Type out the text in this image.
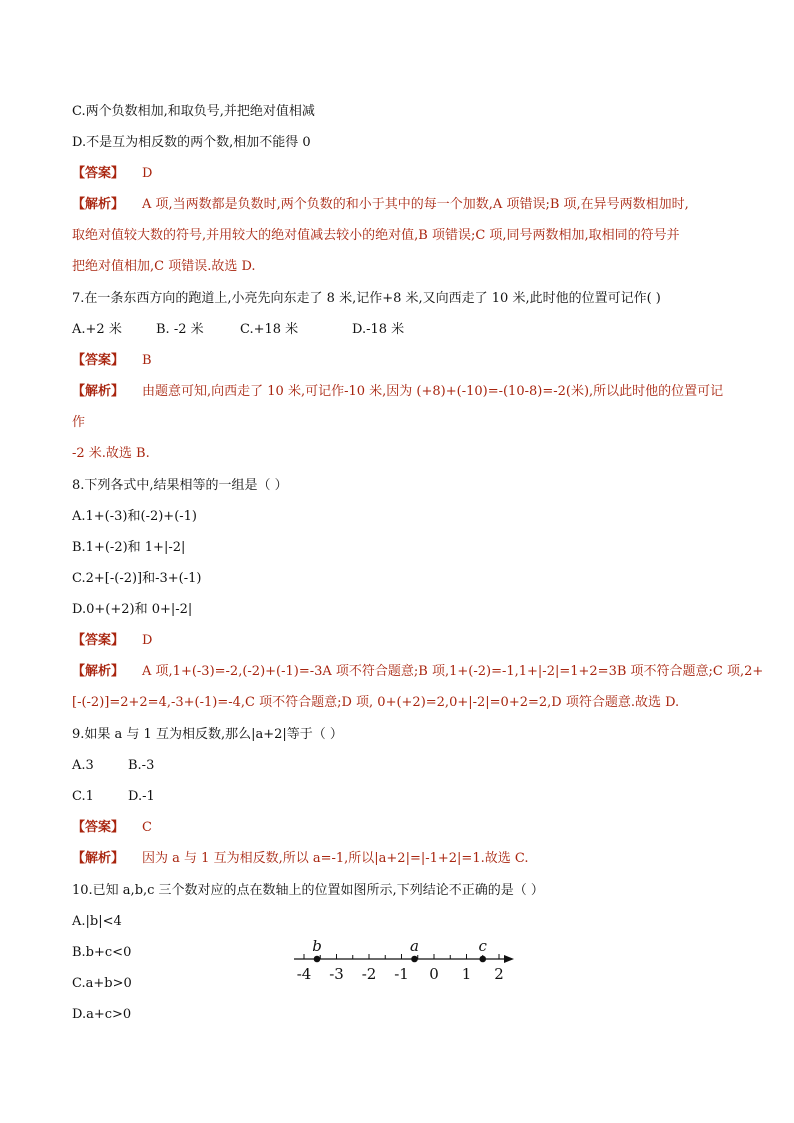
C.两个负数相加,和取负号,并把绝对值相减
D.不是互为相反数的两个数,相加不能得 0
【答案】 D
【解析】 A 项,当两数都是负数时,两个负数的和小于其中的每一个加数,A 项错误;B 项,在异号两数相加时,
取绝对值较大数的符号,并用较大的绝对值减去较小的绝对值,B 项错误;C 项,同号两数相加,取相同的符号并
把绝对值相加,C 项错误.故选 D.
7.在一条东西方向的跑道上,小亮先向东走了 8 米,记作+8 米,又向西走了 10 米,此时他的位置可记作( )
A.+2 米	B. -2 米	C.+18 米	D.-18 米
【答案】 B
【解析】 由题意可知,向西走了 10 米,可记作-10 米,因为 (+8)+(-10)=-(10-8)=-2(米),所以此时他的位置可记
作
-2 米.故选 B.
8.下列各式中,结果相等的一组是（ ）
A.1+(-3)和(-2)+(-1)
B.1+(-2)和 1+|-2|
C.2+[-(-2)]和-3+(-1)
D.0+(+2)和 0+|-2|
【答案】 D
【解析】 A 项,1+(-3)=-2,(-2)+(-1)=-3A 项不符合题意;B 项,1+(-2)=-1,1+|-2|=1+2=3B 项不符合题意;C 项,2+
[-(-2)]=2+2=4,-3+(-1)=-4,C 项不符合题意;D 项, 0+(+2)=2,0+|-2|=0+2=2,D 项符合题意.故选 D.
9.如果 a 与 1 互为相反数,那么|a+2|等于（ ）
A.3	B.-3
C.1	D.-1
【答案】 C
【解析】 因为 a 与 1 互为相反数,所以 a=-1,所以|a+2|=|-1+2|=1.故选 C.
10.已知 a,b,c 三个数对应的点在数轴上的位置如图所示,下列结论不正确的是（ ）
A.|b|<4
B.b+c<0
C.a+b>0
D.a+c>0
-4 -3 -2 -1 0 1 2
b	a	c
